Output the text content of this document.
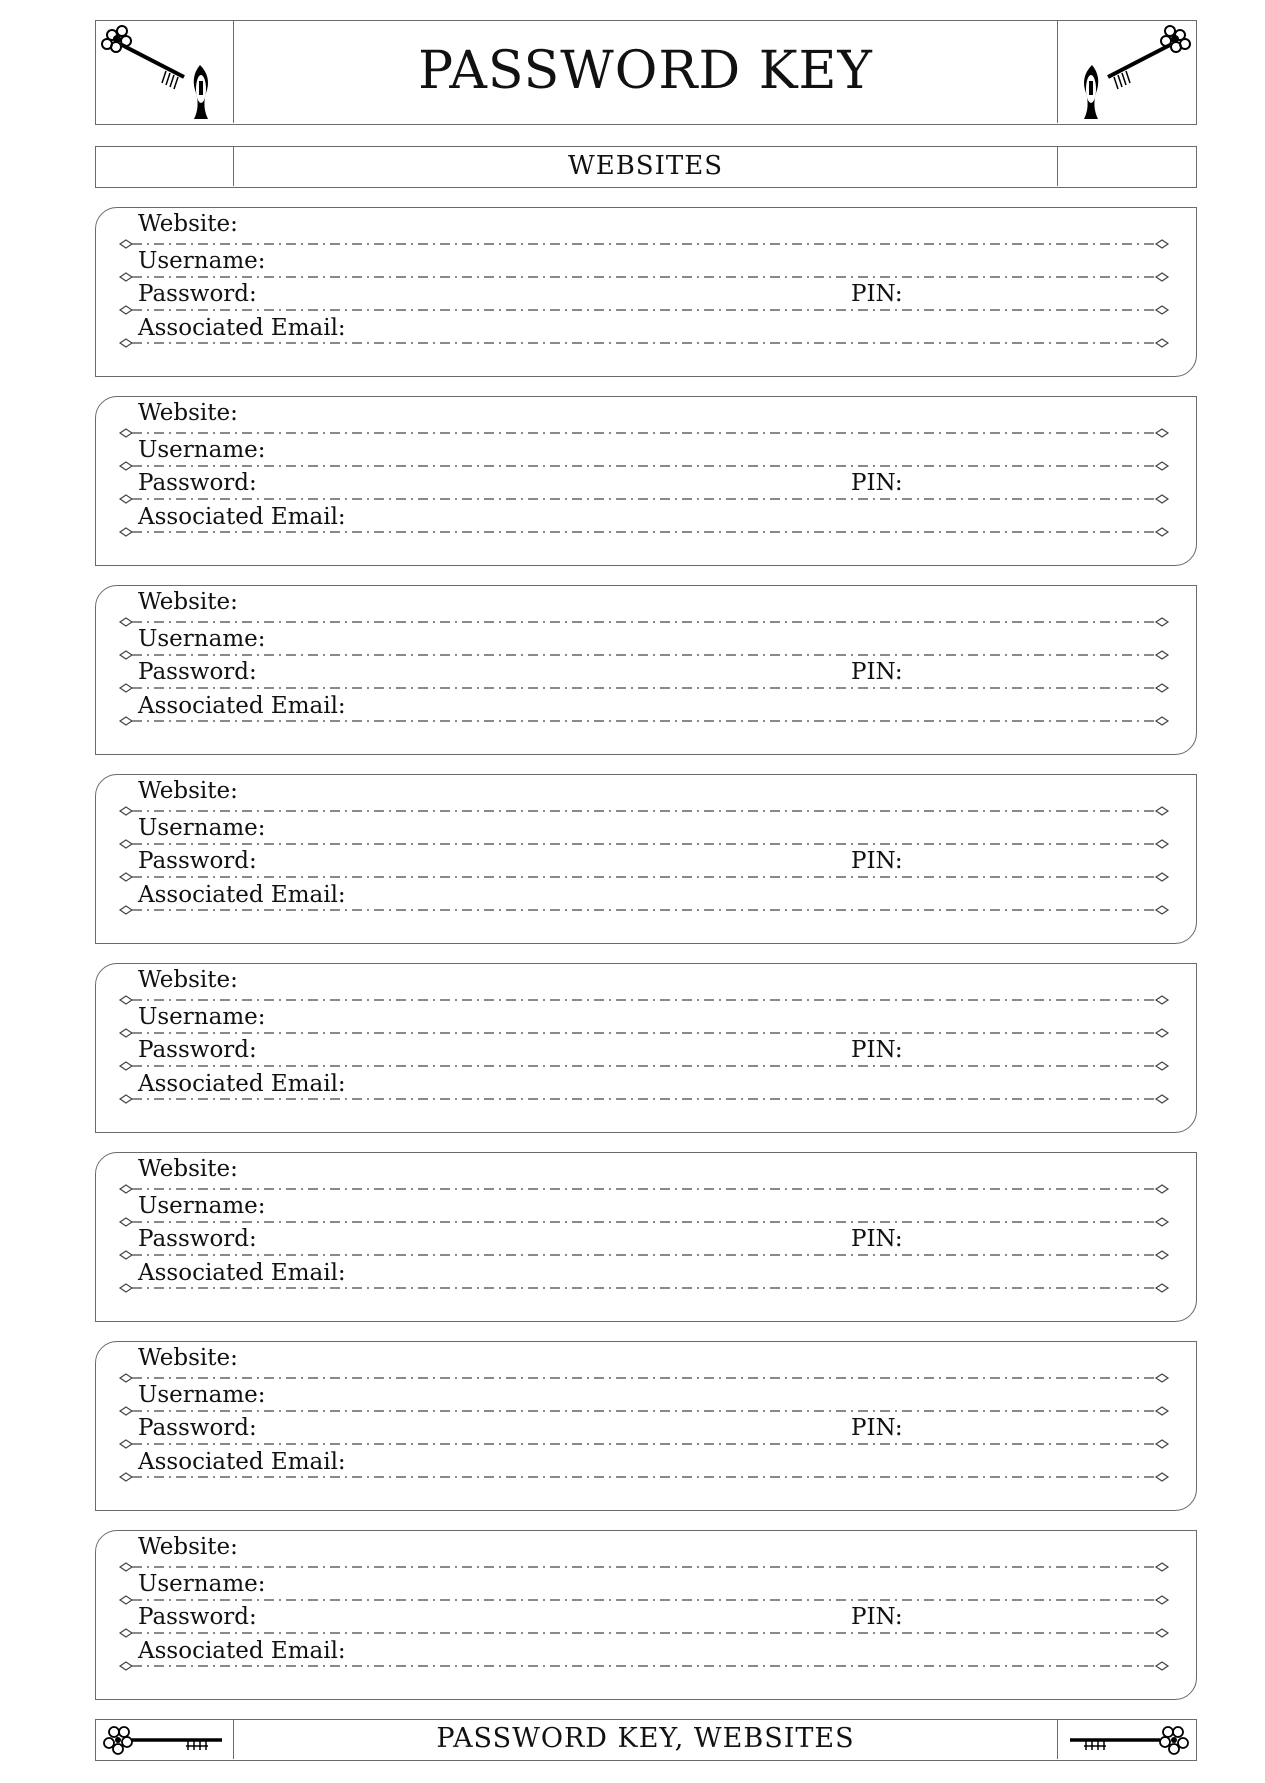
PASSWORD KEY
WEBSITES
Website:
Username:
Password:
Associated Email:
PIN:
Website:
Username:
Password:
Associated Email:
PIN:
Website:
Username:
Password:
Associated Email:
PIN:
Website:
Username:
Password:
Associated Email:
PIN:
Website:
Username:
Password:
Associated Email:
PIN:
Website:
Username:
Password:
Associated Email:
PIN:
Website:
Username:
Password:
Associated Email:
PIN:
Website:
Username:
Password:
Associated Email:
PIN:
PASSWORD KEY, WEBSITES
